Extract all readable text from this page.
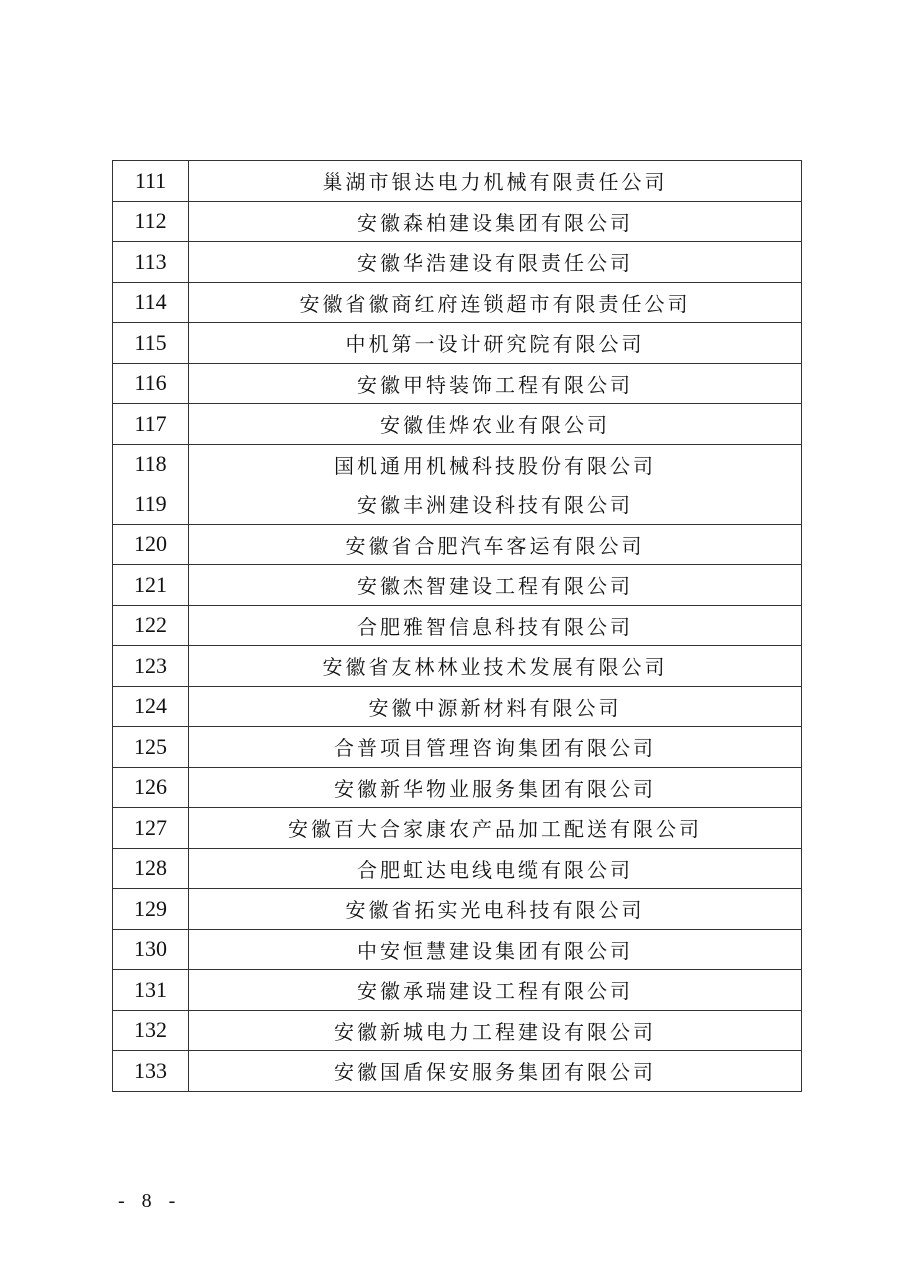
111	巢湖市银达电力机械有限责任公司
112	安徽森柏建设集团有限公司
113	安徽华浩建设有限责任公司
114	安徽省徽商红府连锁超市有限责任公司
115	中机第一设计研究院有限公司
116	安徽甲特装饰工程有限公司
117	安徽佳烨农业有限公司
118	国机通用机械科技股份有限公司
119	安徽丰洲建设科技有限公司
120	安徽省合肥汽车客运有限公司
121	安徽杰智建设工程有限公司
122	合肥雅智信息科技有限公司
123	安徽省友林林业技术发展有限公司
124	安徽中源新材料有限公司
125	合普项目管理咨询集团有限公司
126	安徽新华物业服务集团有限公司
127	安徽百大合家康农产品加工配送有限公司
128	合肥虹达电线电缆有限公司
129	安徽省拓实光电科技有限公司
130	中安恒慧建设集团有限公司
131	安徽承瑞建设工程有限公司
132	安徽新城电力工程建设有限公司
133	安徽国盾保安服务集团有限公司
- 8 -
